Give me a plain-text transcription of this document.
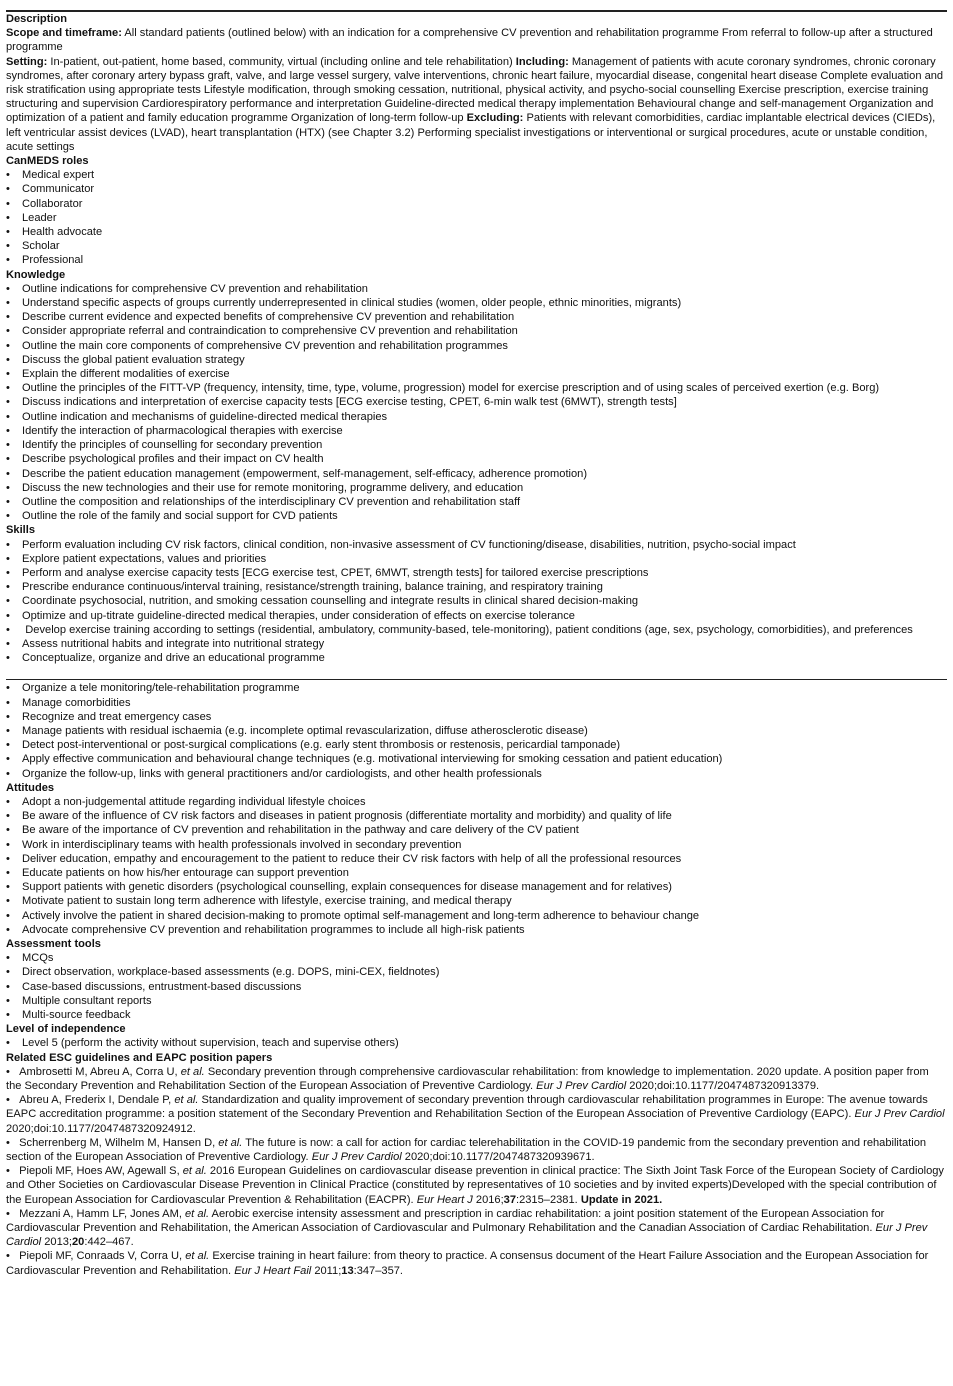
Description

Scope and timeframe: All standard patients (outlined below) with an indication for a comprehensive CV prevention and rehabilitation programme From referral to follow-up after a structured programme

Setting: In-patient, out-patient, home based, community, virtual (including online and tele rehabilitation) Including: Management of patients with acute coronary syndromes, chronic coronary syndromes, after coronary artery bypass graft, valve, and large vessel surgery, valve interventions, chronic heart failure, myocardial disease, congenital heart disease Complete evaluation and risk stratification using appropriate tests Lifestyle modification, through smoking cessation, nutritional, physical activity, and psycho-social counselling Exercise prescription, exercise training structuring and supervision Cardiorespiratory performance and interpretation Guideline-directed medical therapy implementation Behavioural change and self-management Organization and optimization of a patient and family education programme Organization of long-term follow-up Excluding: Patients with relevant comorbidities, cardiac implantable electrical devices (CIEDs), left ventricular assist devices (LVAD), heart transplantation (HTX) (see Chapter 3.2) Performing specialist investigations or interventional or surgical procedures, acute or unstable condition, acute settings

CanMEDS roles
• Medical expert
• Communicator
• Collaborator
• Leader
• Health advocate
• Scholar
• Professional
Knowledge
• Outline indications for comprehensive CV prevention and rehabilitation
• Understand specific aspects of groups currently underrepresented in clinical studies (women, older people, ethnic minorities, migrants)
• Describe current evidence and expected benefits of comprehensive CV prevention and rehabilitation
• Consider appropriate referral and contraindication to comprehensive CV prevention and rehabilitation
• Outline the main core components of comprehensive CV prevention and rehabilitation programmes
• Discuss the global patient evaluation strategy
• Explain the different modalities of exercise
• Outline the principles of the FITT-VP (frequency, intensity, time, type, volume, progression) model for exercise prescription and of using scales of perceived exertion (e.g. Borg)
• Discuss indications and interpretation of exercise capacity tests [ECG exercise testing, CPET, 6-min walk test (6MWT), strength tests]
• Outline indication and mechanisms of guideline-directed medical therapies
• Identify the interaction of pharmacological therapies with exercise
• Identify the principles of counselling for secondary prevention
• Describe psychological profiles and their impact on CV health
• Describe the patient education management (empowerment, self-management, self-efficacy, adherence promotion)
• Discuss the new technologies and their use for remote monitoring, programme delivery, and education
• Outline the composition and relationships of the interdisciplinary CV prevention and rehabilitation staff
• Outline the role of the family and social support for CVD patients
Skills
• Perform evaluation including CV risk factors, clinical condition, non-invasive assessment of CV functioning/disease, disabilities, nutrition, psycho-social impact
• Explore patient expectations, values and priorities
• Perform and analyse exercise capacity tests [ECG exercise test, CPET, 6MWT, strength tests] for tailored exercise prescriptions
• Prescribe endurance continuous/interval training, resistance/strength training, balance training, and respiratory training
• Coordinate psychosocial, nutrition, and smoking cessation counselling and integrate results in clinical shared decision-making
• Optimize and up-titrate guideline-directed medical therapies, under consideration of effects on exercise tolerance

•     Develop exercise training according to settings (residential, ambulatory, community-based, tele-monitoring), patient conditions (age, sex, psychology, comorbidities), and preferences

• Assess nutritional habits and integrate into nutritional strategy
• Conceptualize, organize and drive an educational programme
• Organize a tele monitoring/tele-rehabilitation programme
• Manage comorbidities
• Recognize and treat emergency cases
• Manage patients with residual ischaemia (e.g. incomplete optimal revascularization, diffuse atherosclerotic disease)
• Detect post-interventional or post-surgical complications (e.g. early stent thrombosis or restenosis, pericardial tamponade)
• Apply effective communication and behavioural change techniques (e.g. motivational interviewing for smoking cessation and patient education)
• Organize the follow-up, links with general practitioners and/or cardiologists, and other health professionals
Attitudes
• Adopt a non-judgemental attitude regarding individual lifestyle choices
• Be aware of the influence of CV risk factors and diseases in patient prognosis (differentiate mortality and morbidity) and quality of life
• Be aware of the importance of CV prevention and rehabilitation in the pathway and care delivery of the CV patient
• Work in interdisciplinary teams with health professionals involved in secondary prevention
• Deliver education, empathy and encouragement to the patient to reduce their CV risk factors with help of all the professional resources
• Educate patients on how his/her entourage can support prevention
• Support patients with genetic disorders (psychological counselling, explain consequences for disease management and for relatives)
• Motivate patient to sustain long term adherence with lifestyle, exercise training, and medical therapy
• Actively involve the patient in shared decision-making to promote optimal self-management and long-term adherence to behaviour change
• Advocate comprehensive CV prevention and rehabilitation programmes to include all high-risk patients
Assessment tools
• MCQs
• Direct observation, workplace-based assessments (e.g. DOPS, mini-CEX, fieldnotes)
• Case-based discussions, entrustment-based discussions
• Multiple consultant reports
• Multi-source feedback
Level of independence
• Level 5 (perform the activity without supervision, teach and supervise others)
Related ESC guidelines and EAPC position papers
•   Ambrosetti M, Abreu A, Corra U, et al. Secondary prevention through comprehensive cardiovascular rehabilitation: from knowledge to implementation. 2020 update. A position paper from the Secondary Prevention and Rehabilitation Section of the European Association of Preventive Cardiology. Eur J Prev Cardiol 2020;doi:10.1177/2047487320913379.
•   Abreu A, Frederix I, Dendale P, et al. Standardization and quality improvement of secondary prevention through cardiovascular rehabilitation programmes in Europe: The avenue towards EAPC accreditation programme: a position statement of the Secondary Prevention and Rehabilitation Section of the European Association of Preventive Cardiology (EAPC). Eur J Prev Cardiol 2020;doi:10.1177/2047487320924912.
•   Scherrenberg M, Wilhelm M, Hansen D, et al. The future is now: a call for action for cardiac telerehabilitation in the COVID-19 pandemic from the secondary prevention and rehabilitation section of the European Association of Preventive Cardiology. Eur J Prev Cardiol 2020;doi:10.1177/2047487320939671.
•   Piepoli MF, Hoes AW, Agewall S, et al. 2016 European Guidelines on cardiovascular disease prevention in clinical practice: The Sixth Joint Task Force of the European Society of Cardiology and Other Societies on Cardiovascular Disease Prevention in Clinical Practice (constituted by representatives of 10 societies and by invited experts)Developed with the special contribution of the European Association for Cardiovascular Prevention & Rehabilitation (EACPR). Eur Heart J 2016;37:2315–2381. Update in 2021.
•   Mezzani A, Hamm LF, Jones AM, et al. Aerobic exercise intensity assessment and prescription in cardiac rehabilitation: a joint position statement of the European Association for Cardiovascular Prevention and Rehabilitation, the American Association of Cardiovascular and Pulmonary Rehabilitation and the Canadian Association of Cardiac Rehabilitation. Eur J Prev Cardiol 2013;20:442–467.
•   Piepoli MF, Conraads V, Corra U, et al. Exercise training in heart failure: from theory to practice. A consensus document of the Heart Failure Association and the European Association for Cardiovascular Prevention and Rehabilitation. Eur J Heart Fail 2011;13:347–357.
